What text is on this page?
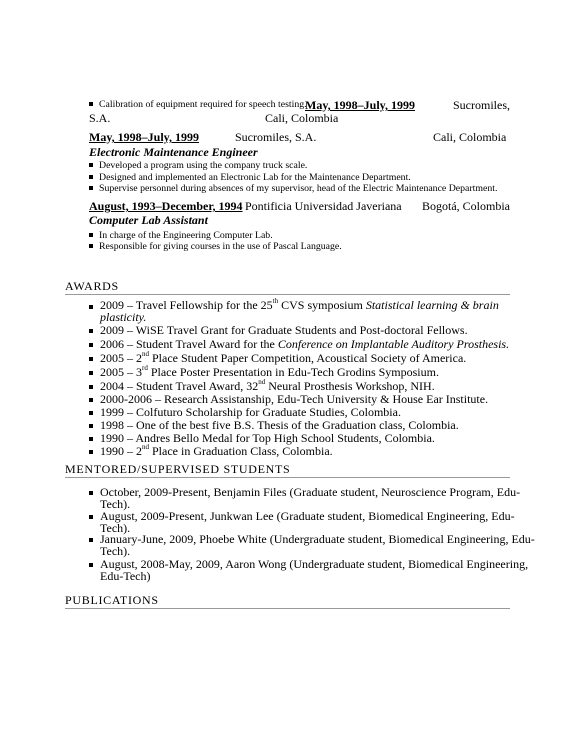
Calibration of equipment required for speech testing.
May, 1998–July, 1999	Sucromiles,
S.A.	Cali, Colombia
May, 1998–July, 1999	Sucromiles, S.A.	Cali, Colombia
Electronic Maintenance Engineer
Developed a program using the company truck scale.
Designed and implemented an Electronic Lab for the Maintenance Department.
Supervise personnel during absences of my supervisor, head of the Electric Maintenance Department.
August, 1993–December, 1994 Pontificia Universidad Javeriana Bogotá, Colombia
Computer Lab Assistant
In charge of the Engineering Computer Lab.
Responsible for giving courses in the use of Pascal Language.
AWARDS
2009 – Travel Fellowship for the 25th CVS symposium Statistical learning & brain
plasticity.
2009 – WiSE Travel Grant for Graduate Students and Post-doctoral Fellows.
2006 – Student Travel Award for the Conference on Implantable Auditory Prosthesis.
2005 – 2nd Place Student Paper Competition, Acoustical Society of America.
2005 – 3rd Place Poster Presentation in Edu-Tech Grodins Symposium.
2004 – Student Travel Award, 32nd Neural Prosthesis Workshop, NIH.
2000-2006 – Research Assistanship, Edu-Tech University & House Ear Institute.
1999 – Colfuturo Scholarship for Graduate Studies, Colombia.
1998 – One of the best five B.S. Thesis of the Graduation class, Colombia.
1990 – Andres Bello Medal for Top High School Students, Colombia.
1990 – 2nd Place in Graduation Class, Colombia.
MENTORED/SUPERVISED STUDENTS
October, 2009-Present, Benjamin Files (Graduate student, Neuroscience Program, Edu-
Tech).
August, 2009-Present, Junkwan Lee (Graduate student, Biomedical Engineering, Edu-
Tech).
January-June, 2009, Phoebe White (Undergraduate student, Biomedical Engineering, Edu-
Tech).
August, 2008-May, 2009, Aaron Wong (Undergraduate student, Biomedical Engineering,
Edu-Tech)
PUBLICATIONS
